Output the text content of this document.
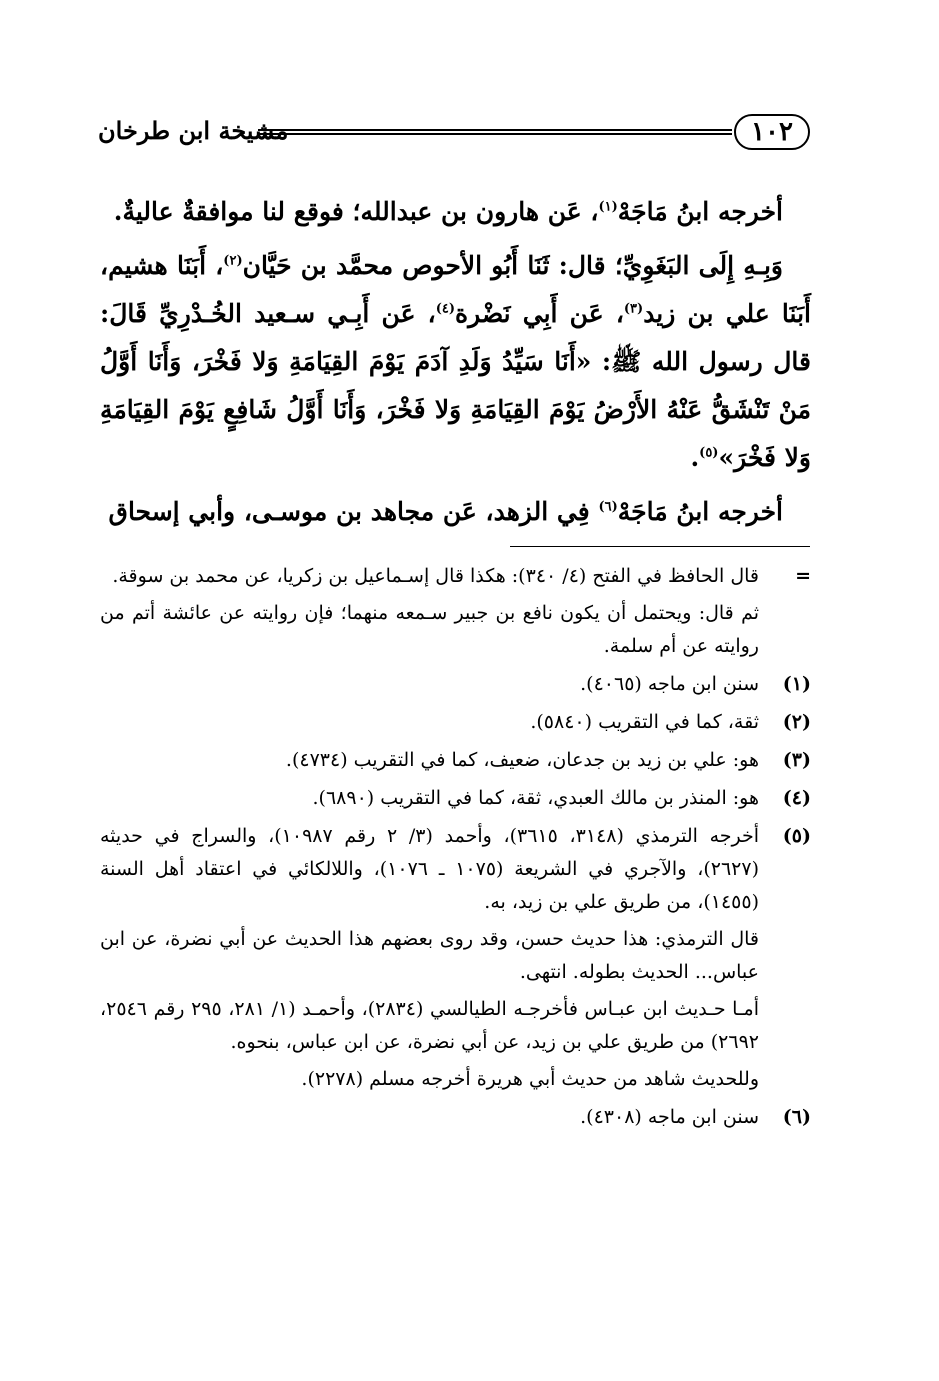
١٠٢
مشيخة ابن طرخان

أخرجه ابنُ مَاجَهْ$^{(١)}$، عَن هارون بن عبدالله؛ فوقع لنا موافقةٌ عاليةٌ.

وَبِـهِ إِلَى البَغَوِيِّ؛ قال: ثَنَا أَبُو الأحوص محمَّد بن حَيَّان$^{(٢)}$، أَبَنَا هشيم، أَبَنَا علي بن زيد$^{(٣)}$، عَن أَبِي نَضْرة$^{(٤)}$، عَن أَبِـي سـعيد الخُـدْرِيِّ قَالَ: قال رسول الله ﷺ: «أَنَا سَيِّدُ وَلَدِ آدَمَ يَوْمَ القِيَامَةِ وَلا فَخْرَ، وَأَنَا أَوَّلُ مَنْ تَنْشَقُّ عَنْهُ الأَرْضُ يَوْمَ القِيَامَةِ وَلا فَخْرَ، وَأَنَا أَوَّلُ شَافِعٍ يَوْمَ القِيَامَةِ وَلا فَخْرَ»$^{(٥)}$.

أخرجه ابنُ مَاجَهْ$^{(٦)}$ فِي الزهد، عَن مجاهد بن موسـى، وأبي إسحاق

=
قال الحافظ في الفتح (٤/ ٣٤٠): هكذا قال إسـماعيل بن زكريا، عن محمد بن سوقة.
ثم قال: ويحتمل أن يكون نافع بن جبير سـمعه منهما؛ فإن روايته عن عائشة أتم من روايته عن أم سلمة.
(١)
سنن ابن ماجه (٤٠٦٥).
(٢)
ثقة، كما في التقريب (٥٨٤٠).
(٣)
هو: علي بن زيد بن جدعان، ضعيف، كما في التقريب (٤٧٣٤).
(٤)
هو: المنذر بن مالك العبدي، ثقة، كما في التقريب (٦٨٩٠).
(٥)
أخرجه الترمذي (٣١٤٨، ٣٦١٥)، وأحمد (٣/ ٢ رقم ١٠٩٨٧)، والسراج في حديثه (٢٦٢٧)، والآجري في الشريعة (١٠٧٥ ـ ١٠٧٦)، واللالكائي في اعتقاد أهل السنة (١٤٥٥)، من طريق علي بن زيد، به.
قال الترمذي: هذا حديث حسن، وقد روى بعضهم هذا الحديث عن أبي نضرة، عن ابن عباس... الحديث بطوله. انتهى.
أمـا حـديث ابن عبـاس فأخرجـه الطيالسي (٢٨٣٤)، وأحمـد (١/ ٢٨١، ٢٩٥ رقم ٢٥٤٦، ٢٦٩٢) من طريق علي بن زيد، عن أبي نضرة، عن ابن عباس، بنحوه.
وللحديث شاهد من حديث أبي هريرة أخرجه مسلم (٢٢٧٨).
(٦)
سنن ابن ماجه (٤٣٠٨).
